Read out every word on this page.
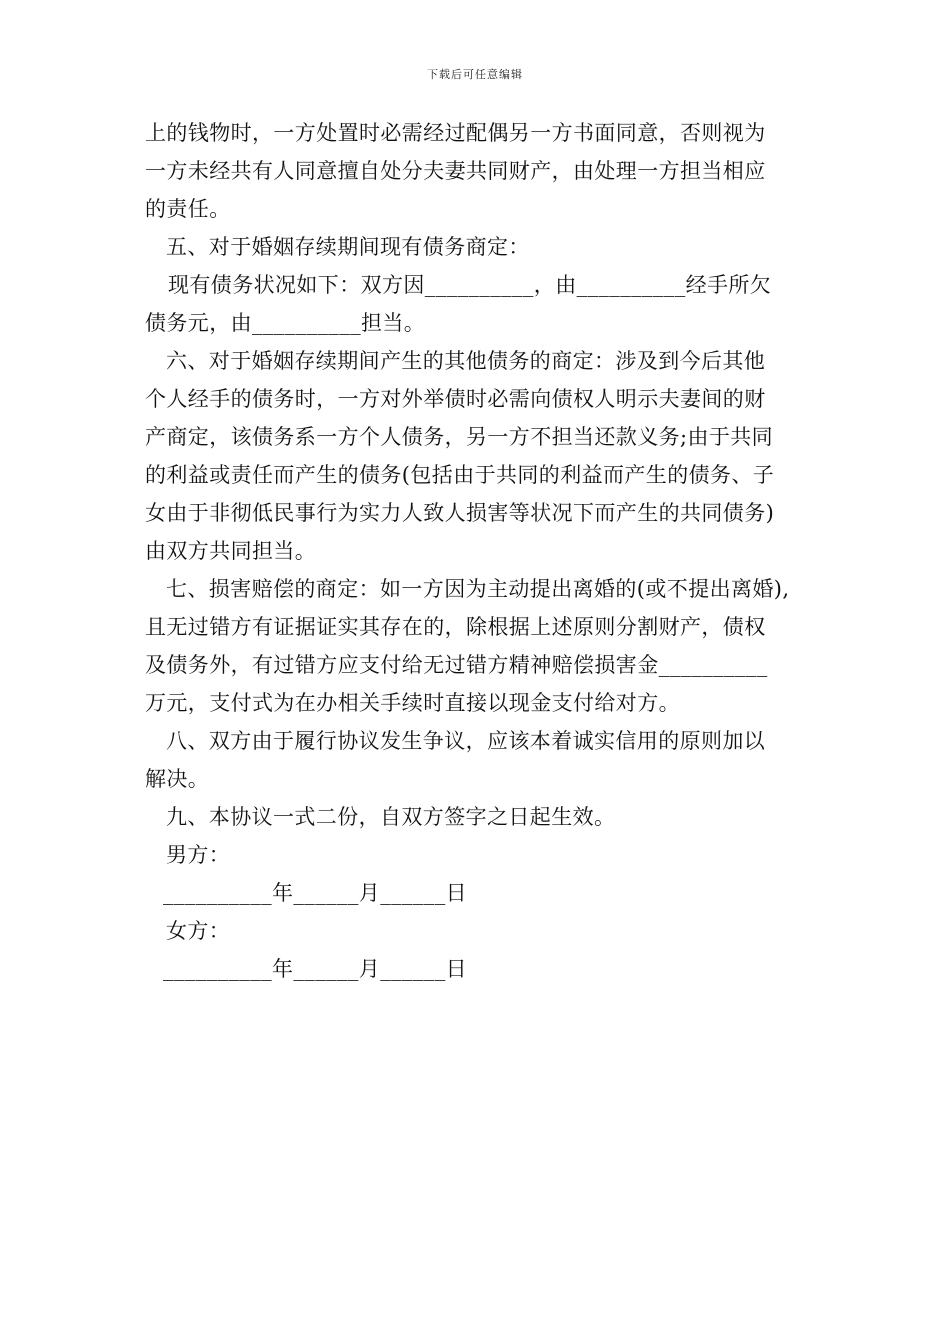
下载后可任意编辑
上的钱物时，一方处置时必需经过配偶另一方书面同意，否则视为
一方未经共有人同意擅自处分夫妻共同财产，由处理一方担当相应
的责任。
五、对于婚姻存续期间现有债务商定：
现有债务状况如下：双方因__________，由__________经手所欠
债务元，由__________担当。
六、对于婚姻存续期间产生的其他债务的商定：涉及到今后其他
个人经手的债务时，一方对外举债时必需向债权人明示夫妻间的财
产商定，该债务系一方个人债务，另一方不担当还款义务;由于共同
的利益或责任而产生的债务(包括由于共同的利益而产生的债务、子
女由于非彻低民事行为实力人致人损害等状况下而产生的共同债务)
由双方共同担当。
七、损害赔偿的商定：如一方因为主动提出离婚的(或不提出离婚),
且无过错方有证据证实其存在的，除根据上述原则分割财产，债权
及债务外，有过错方应支付给无过错方精神赔偿损害金__________
万元，支付式为在办相关手续时直接以现金支付给对方。
八、双方由于履行协议发生争议，应该本着诚实信用的原则加以
解决。
九、本协议一式二份，自双方签字之日起生效。
男方：
__________年______月______日
女方：
__________年______月______日
